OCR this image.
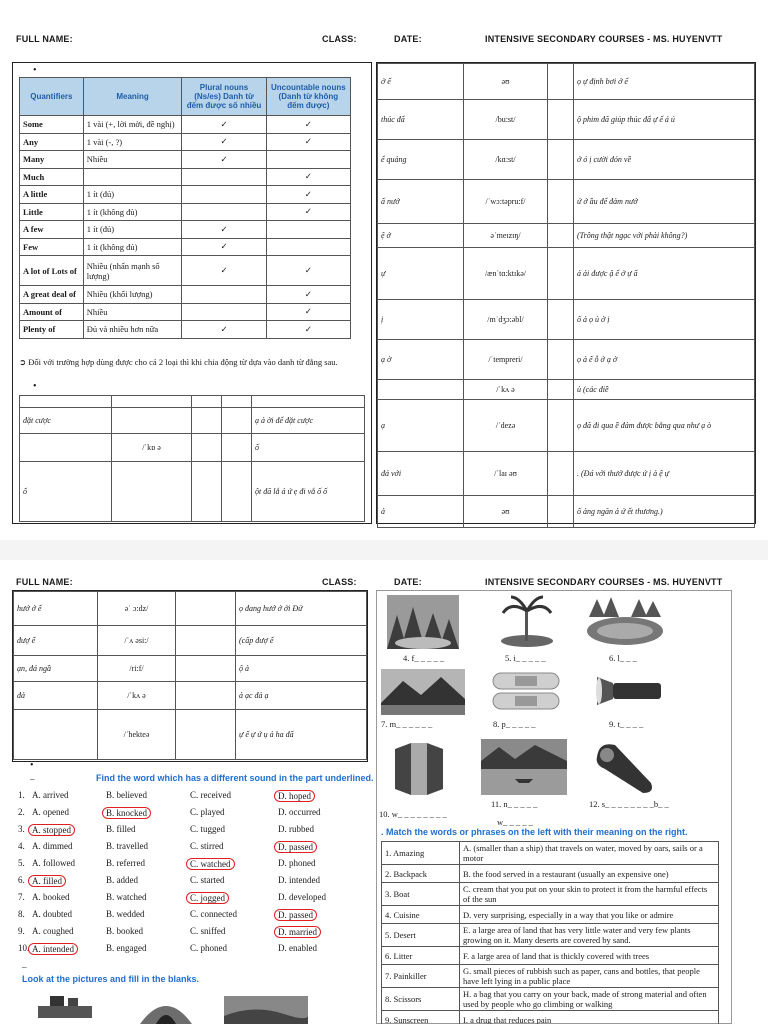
FULL NAME:	CLASS:	DATE:	INTENSIVE SECONDARY COURSES - MS. HUYENVTT
•
Quantifiers	Meaning	Plural nouns (Ns/es) Danh từ đếm được số nhiều	Uncountable nouns (Danh từ không đếm được)
Some	1 vài (+, lời mời, đề nghị)	✓	✓
Any	1 vài (-, ?)	✓	✓
Many	Nhiều	✓	
Much			✓
A little	1 ít (đủ)		✓
Little	1 ít (không đủ)		✓
A few	1 ít (đủ)	✓	
Few	1 ít (không đủ)	✓	
A lot of Lots of	Nhiều (nhấn mạnh số lượng)	✓	✓
A great deal of	Nhiều (khối lượng)		✓
Amount of	Nhiều		✓
Plenty of	Đủ và nhiều hơn nữa	✓	✓
➲ Đối với trường hợp dùng được cho cả 2 loại thì khi chia động từ dựa vào danh từ đằng sau.
•

đặt cược				ạ ả ời để đặt cược
	/ˈkɒ ə			ố
ố				ột đã lắ ả ứ ẹ đi vắ ố ố
ớ ế	əʊ		ọ ự định bơi ớ ể
thúc đẩ	/bu:st/		ộ phim đã giúp thúc đẩ ự ế á ú
ể quảng	/kɑ:st/		ớ ó ị cười đón về
ấ nướ	/ˈwɔ:təpru:f/		ứ ớ ầu để đảm nướ
ệ ớ	əˈmeɪzɪŋ/		(Trông thật ngạc với phải không?)
ự	/ænˈtɑ:ktɪkə/		ả ải được ậ ế ớ ự ẩ
ị	/mˈdʒɔ:əbl/		ố ả ọ ủ ở ị
ạ ờ	/ˈtempreri/		ọ ả ế ỗ ở ạ ờ
	/ˈkʌ ə		ủ (các điề
ạ	/ˈdezə		ọ đã đi qua ề đảm được bằng qua như ạ ò
đá với	/ˈlaɪ əʊ		. (Đá với thướ được ứ ị ả ệ ự
ả	əʊ		ố ảng ngăn ả ứ ết thương.)
FULL NAME:	CLASS:	DATE:	INTENSIVE SECONDARY COURSES - MS. HUYENVTT
hướ ớ ế	əˈ ɔ:dz/		ọ đang hướ ớ ới Đứ
đượ ế	/ˈʌ əsi:/		(cấp đượ ế
ạn, đá ngầ	/ri:f/		ộ ả
đả	/ˈkʌ ə		ả ạc đả ạ
	/ˈhekteə		ự ế ự ứ ụ ả ha đấ
•
–	Find the word which has a different sound in the part underlined.
1. A. arrived	B. believed	C. received	D. hoped
2. A. opened	B. knocked	C. played	D. occurred
3. A. stopped	B. filled	C. tugged	D. rubbed
4. A. dimmed	B. travelled	C. stirred	D. passed
5. A. followed	B. referred	C. watched	D. phoned
6. A. filled	B. added	C. started	D. intended
7. A. booked	B. watched	C. jogged	D. developed
8. A. doubted	B. wedded	C. connected	D. passed
9. A. coughed	B. booked	C. sniffed	D. married
10. A. intended	B. engaged	C. phoned	D. enabled
–
Look at the pictures and fill in the blanks.
4. f_ _ _ _ _	5. i_ _ _ _ _	6. l_ _ _
7. m_ _ _ _ _ _	8. p_ _ _ _ _	9. t_ _ _ _
10. w_ _ _ _ _ _ _ _
w_ _ _ _ _
11. n_ _ _ _ _	12. s_ _ _ _ _ _ _ _b_ _
. Match the words or phrases on the left with their meaning on the right.
1. Amazing	A. (smaller than a ship) that travels on water, moved by oars, sails or a motor
2. Backpack	B. the food served in a restaurant (usually an expensive one)
3. Boat	C. cream that you put on your skin to protect it from the harmful effects of the sun
4. Cuisine	D. very surprising, especially in a way that you like or admire
5. Desert	E. a large area of land that has very little water and very few plants growing on it. Many deserts are covered by sand.
6. Litter	F. a large area of land that is thickly covered with trees
7. Painkiller	G. small pieces of rubbish such as paper, cans and bottles, that people have left lying in a public place
8. Scissors	H. a bag that you carry on your back, made of strong material and often used by people who go climbing or walking
9. Sunscreen	I. a drug that reduces pain
